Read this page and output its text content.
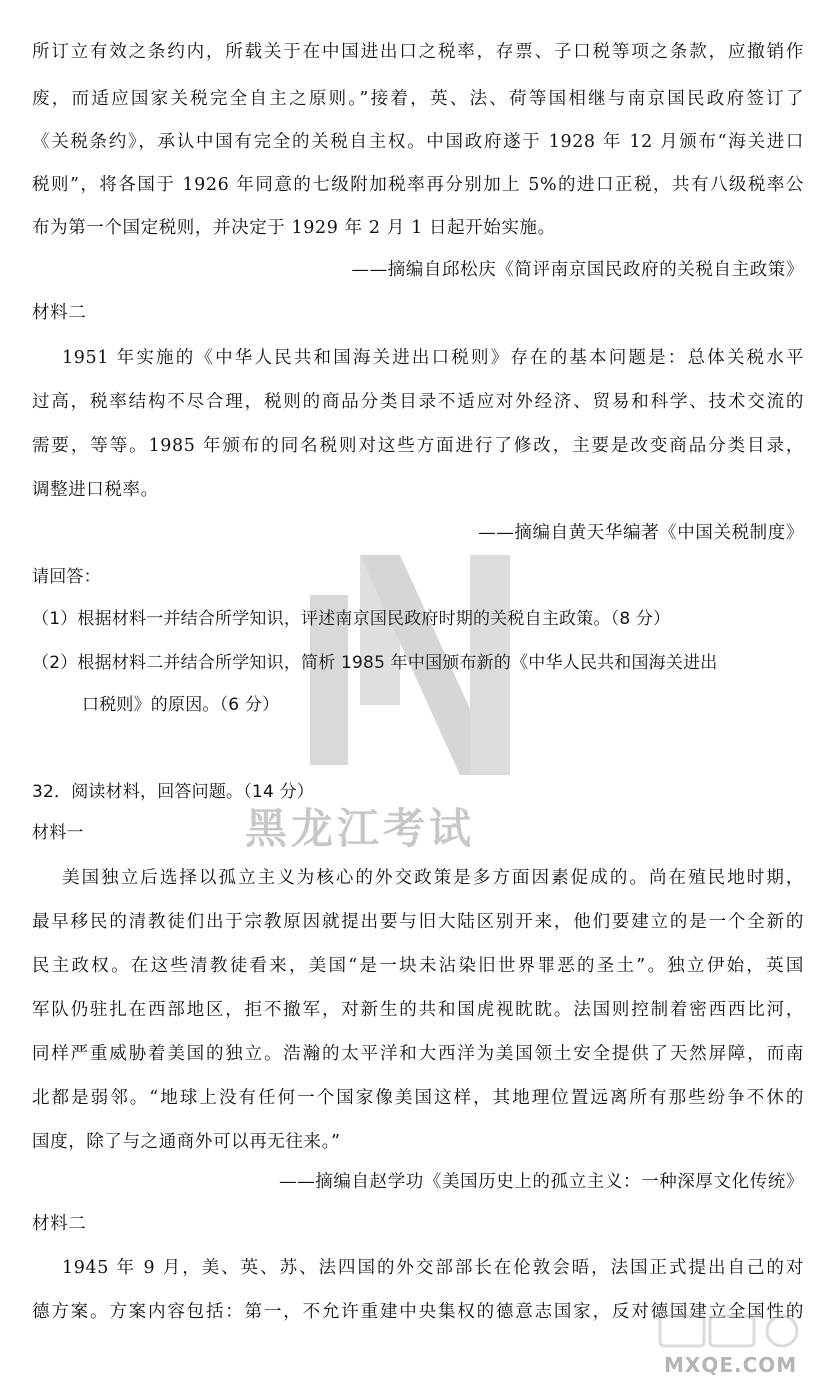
所订立有效之条约内，所载关于在中国进出口之税率，存票、子口税等项之条款，应撤销作
废，而适应国家关税完全自主之原则。”接着，英、法、荷等国相继与南京国民政府签订了
《关税条约》，承认中国有完全的关税自主权。中国政府遂于 1928 年 12 月颁布“海关进口
税则”，将各国于 1926 年同意的七级附加税率再分别加上 5%的进口正税，共有八级税率公
布为第一个国定税则，并决定于 1929 年 2 月 1 日起开始实施。
——摘编自邱松庆《简评南京国民政府的关税自主政策》
材料二
1951 年实施的《中华人民共和国海关进出口税则》存在的基本问题是：总体关税水平
过高，税率结构不尽合理，税则的商品分类目录不适应对外经济、贸易和科学、技术交流的
需要，等等。1985 年颁布的同名税则对这些方面进行了修改，主要是改变商品分类目录，
调整进口税率。
——摘编自黄天华编著《中国关税制度》
请回答：
（1）根据材料一并结合所学知识，评述南京国民政府时期的关税自主政策。（8 分）
（2）根据材料二并结合所学知识，简析 1985 年中国颁布新的《中华人民共和国海关进出
口税则》的原因。（6 分）
32．阅读材料，回答问题。（14 分）
材料一
美国独立后选择以孤立主义为核心的外交政策是多方面因素促成的。尚在殖民地时期，
最早移民的清教徒们出于宗教原因就提出要与旧大陆区别开来，他们要建立的是一个全新的
民主政权。在这些清教徒看来，美国“是一块未沾染旧世界罪恶的圣土”。独立伊始，英国
军队仍驻扎在西部地区，拒不撤军，对新生的共和国虎视眈眈。法国则控制着密西西比河，
同样严重威胁着美国的独立。浩瀚的太平洋和大西洋为美国领土安全提供了天然屏障，而南
北都是弱邻。“地球上没有任何一个国家像美国这样，其地理位置远离所有那些纷争不休的
国度，除了与之通商外可以再无往来。”
——摘编自赵学功《美国历史上的孤立主义：一种深厚文化传统》
材料二
1945 年 9 月，美、英、苏、法四国的外交部部长在伦敦会晤，法国正式提出自己的对
德方案。方案内容包括：第一，不允许重建中央集权的德意志国家，反对德国建立全国性的
黑龙江考试
MXQE.COM
